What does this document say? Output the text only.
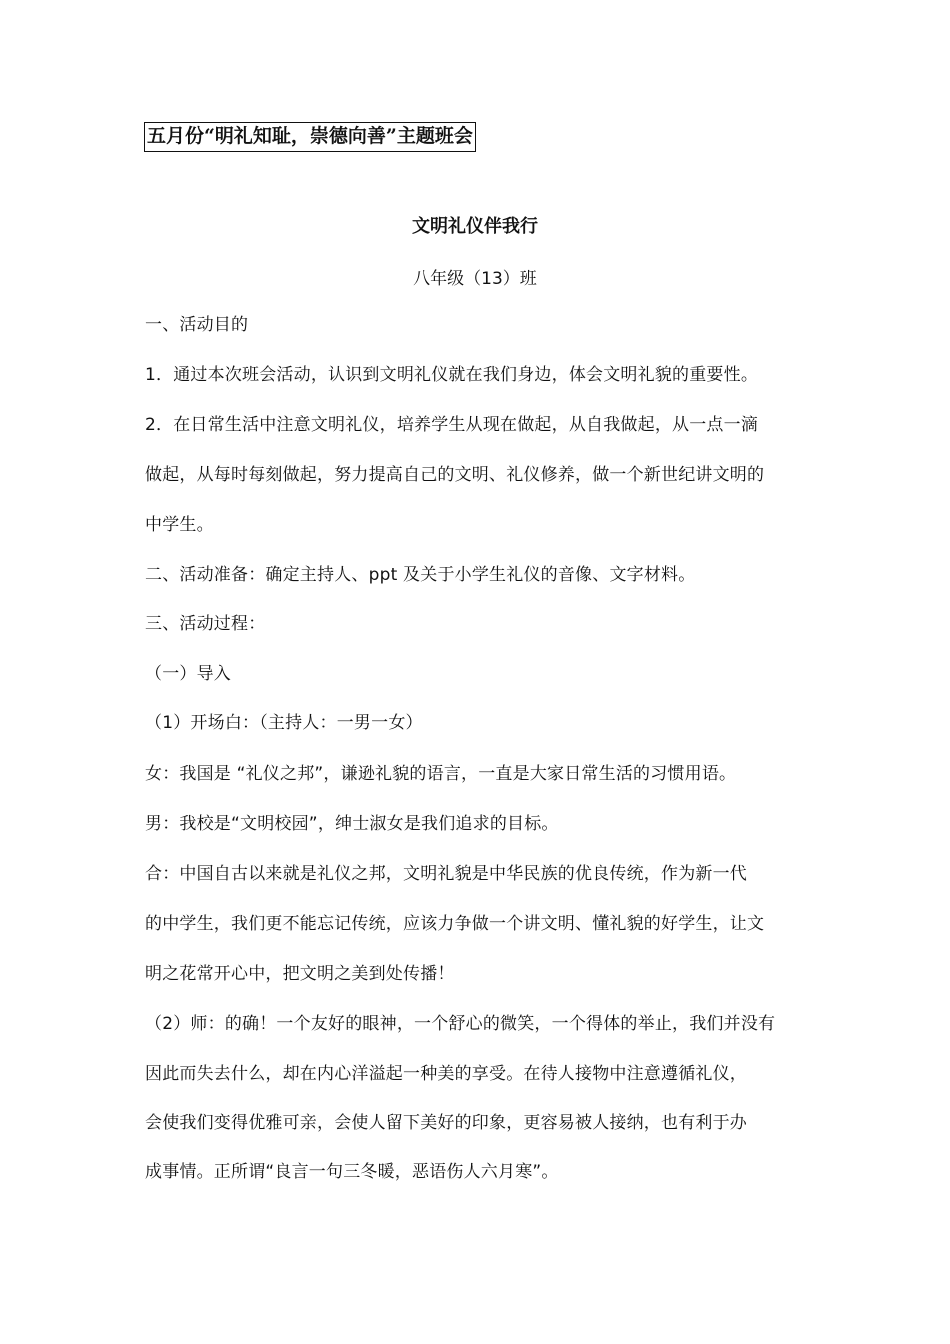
五月份“明礼知耻，崇德向善”主题班会
文明礼仪伴我行
八年级（13）班
一、活动目的
1．通过本次班会活动，认识到文明礼仪就在我们身边，体会文明礼貌的重要性。
2．在日常生活中注意文明礼仪，培养学生从现在做起，从自我做起，从一点一滴
做起，从每时每刻做起，努力提高自己的文明、礼仪修养，做一个新世纪讲文明的
中学生。
二、活动准备：确定主持人、ppt 及关于小学生礼仪的音像、文字材料。
三、活动过程：
（一）导入
（1）开场白：（主持人：一男一女）
女：我国是 “礼仪之邦”，谦逊礼貌的语言，一直是大家日常生活的习惯用语。
男：我校是“文明校园”，绅士淑女是我们追求的目标。
合：中国自古以来就是礼仪之邦，文明礼貌是中华民族的优良传统，作为新一代
的中学生，我们更不能忘记传统，应该力争做一个讲文明、懂礼貌的好学生，让文
明之花常开心中，把文明之美到处传播！
（2）师：的确！一个友好的眼神，一个舒心的微笑，一个得体的举止，我们并没有
因此而失去什么，却在内心洋溢起一种美的享受。在待人接物中注意遵循礼仪，
会使我们变得优雅可亲，会使人留下美好的印象，更容易被人接纳，也有利于办
成事情。正所谓“良言一句三冬暖，恶语伤人六月寒”。
